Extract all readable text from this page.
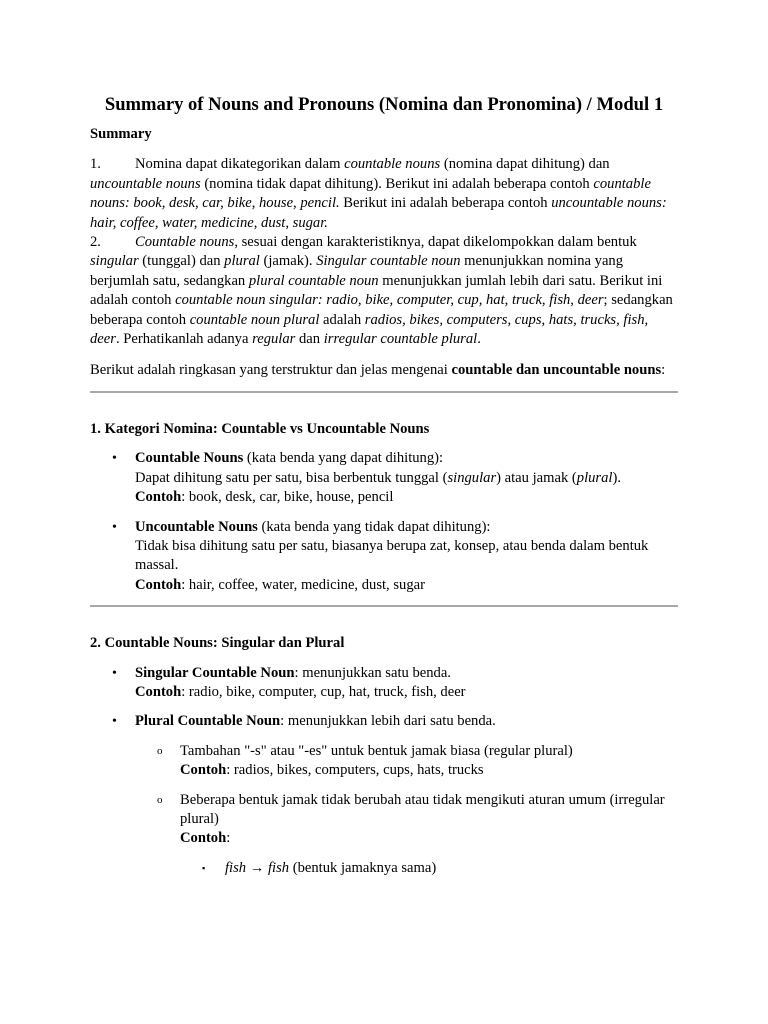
Summary of Nouns and Pronouns (Nomina dan Pronomina) / Modul 1
Summary

1. Nomina dapat dikategorikan dalam countable nouns (nomina dapat dihitung) dan uncountable nouns (nomina tidak dapat dihitung). Berikut ini adalah beberapa contoh countable nouns: book, desk, car, bike, house, pencil. Berikut ini adalah beberapa contoh uncountable nouns: hair, coffee, water, medicine, dust, sugar.

2. Countable nouns, sesuai dengan karakteristiknya, dapat dikelompokkan dalam bentuk singular (tunggal) dan plural (jamak). Singular countable noun menunjukkan nomina yang berjumlah satu, sedangkan plural countable noun menunjukkan jumlah lebih dari satu. Berikut ini adalah contoh countable noun singular: radio, bike, computer, cup, hat, truck, fish, deer; sedangkan beberapa contoh countable noun plural adalah radios, bikes, computers, cups, hats, trucks, fish, deer. Perhatikanlah adanya regular dan irregular countable plural.

Berikut adalah ringkasan yang terstruktur dan jelas mengenai countable dan uncountable nouns:

1. Kategori Nomina: Countable vs Uncountable Nouns
• Countable Nouns (kata benda yang dapat dihitung):
Dapat dihitung satu per satu, bisa berbentuk tunggal (singular) atau jamak (plural).
Contoh: book, desk, car, bike, house, pencil
• Uncountable Nouns (kata benda yang tidak dapat dihitung):
Tidak bisa dihitung satu per satu, biasanya berupa zat, konsep, atau benda dalam bentuk massal.
Contoh: hair, coffee, water, medicine, dust, sugar
2. Countable Nouns: Singular dan Plural
• Singular Countable Noun: menunjukkan satu benda.
Contoh: radio, bike, computer, cup, hat, truck, fish, deer
• Plural Countable Noun: menunjukkan lebih dari satu benda.
o Tambahan "-s" atau "-es" untuk bentuk jamak biasa (regular plural)
Contoh: radios, bikes, computers, cups, hats, trucks
o Beberapa bentuk jamak tidak berubah atau tidak mengikuti aturan umum (irregular plural)
Contoh:
▪ fish → fish (bentuk jamaknya sama)
